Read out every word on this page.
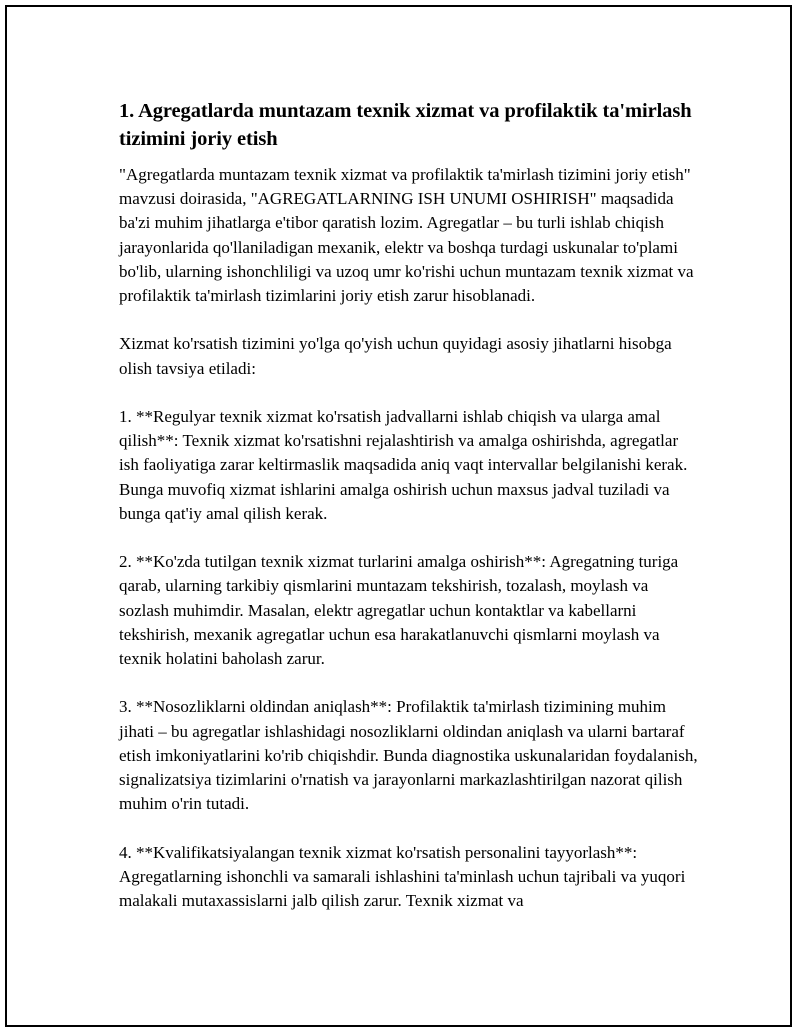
1. Agregatlarda muntazam texnik xizmat va profilaktik ta'mirlash tizimini joriy etish

"Agregatlarda muntazam texnik xizmat va profilaktik ta'mirlash tizimini joriy etish" mavzusi doirasida, "AGREGATLARNING ISH UNUMI OSHIRISH" maqsadida ba'zi muhim jihatlarga e'tibor qaratish lozim. Agregatlar – bu turli ishlab chiqish jarayonlarida qo'llaniladigan mexanik, elektr va boshqa turdagi uskunalar to'plami bo'lib, ularning ishonchliligi va uzoq umr ko'rishi uchun muntazam texnik xizmat va profilaktik ta'mirlash tizimlarini joriy etish zarur hisoblanadi.

Xizmat ko'rsatish tizimini yo'lga qo'yish uchun quyidagi asosiy jihatlarni hisobga olish tavsiya etiladi:

1. **Regulyar texnik xizmat ko'rsatish jadvallarni ishlab chiqish va ularga amal qilish**: Texnik xizmat ko'rsatishni rejalashtirish va amalga oshirishda, agregatlar ish faoliyatiga zarar keltirmaslik maqsadida aniq vaqt intervallar belgilanishi kerak. Bunga muvofiq xizmat ishlarini amalga oshirish uchun maxsus jadval tuziladi va bunga qat'iy amal qilish kerak.

2. **Ko'zda tutilgan texnik xizmat turlarini amalga oshirish**: Agregatning turiga qarab, ularning tarkibiy qismlarini muntazam tekshirish, tozalash, moylash va sozlash muhimdir. Masalan, elektr agregatlar uchun kontaktlar va kabellarni tekshirish, mexanik agregatlar uchun esa harakatlanuvchi qismlarni moylash va texnik holatini baholash zarur.

3. **Nosozliklarni oldindan aniqlash**: Profilaktik ta'mirlash tizimining muhim jihati – bu agregatlar ishlashidagi nosozliklarni oldindan aniqlash va ularni bartaraf etish imkoniyatlarini ko'rib chiqishdir. Bunda diagnostika uskunalaridan foydalanish, signalizatsiya tizimlarini o'rnatish va jarayonlarni markazlashtirilgan nazorat qilish muhim o'rin tutadi.

4. **Kvalifikatsiyalangan texnik xizmat ko'rsatish personalini tayyorlash**: Agregatlarning ishonchli va samarali ishlashini ta'minlash uchun tajribali va yuqori malakali mutaxassislarni jalb qilish zarur. Texnik xizmat va
